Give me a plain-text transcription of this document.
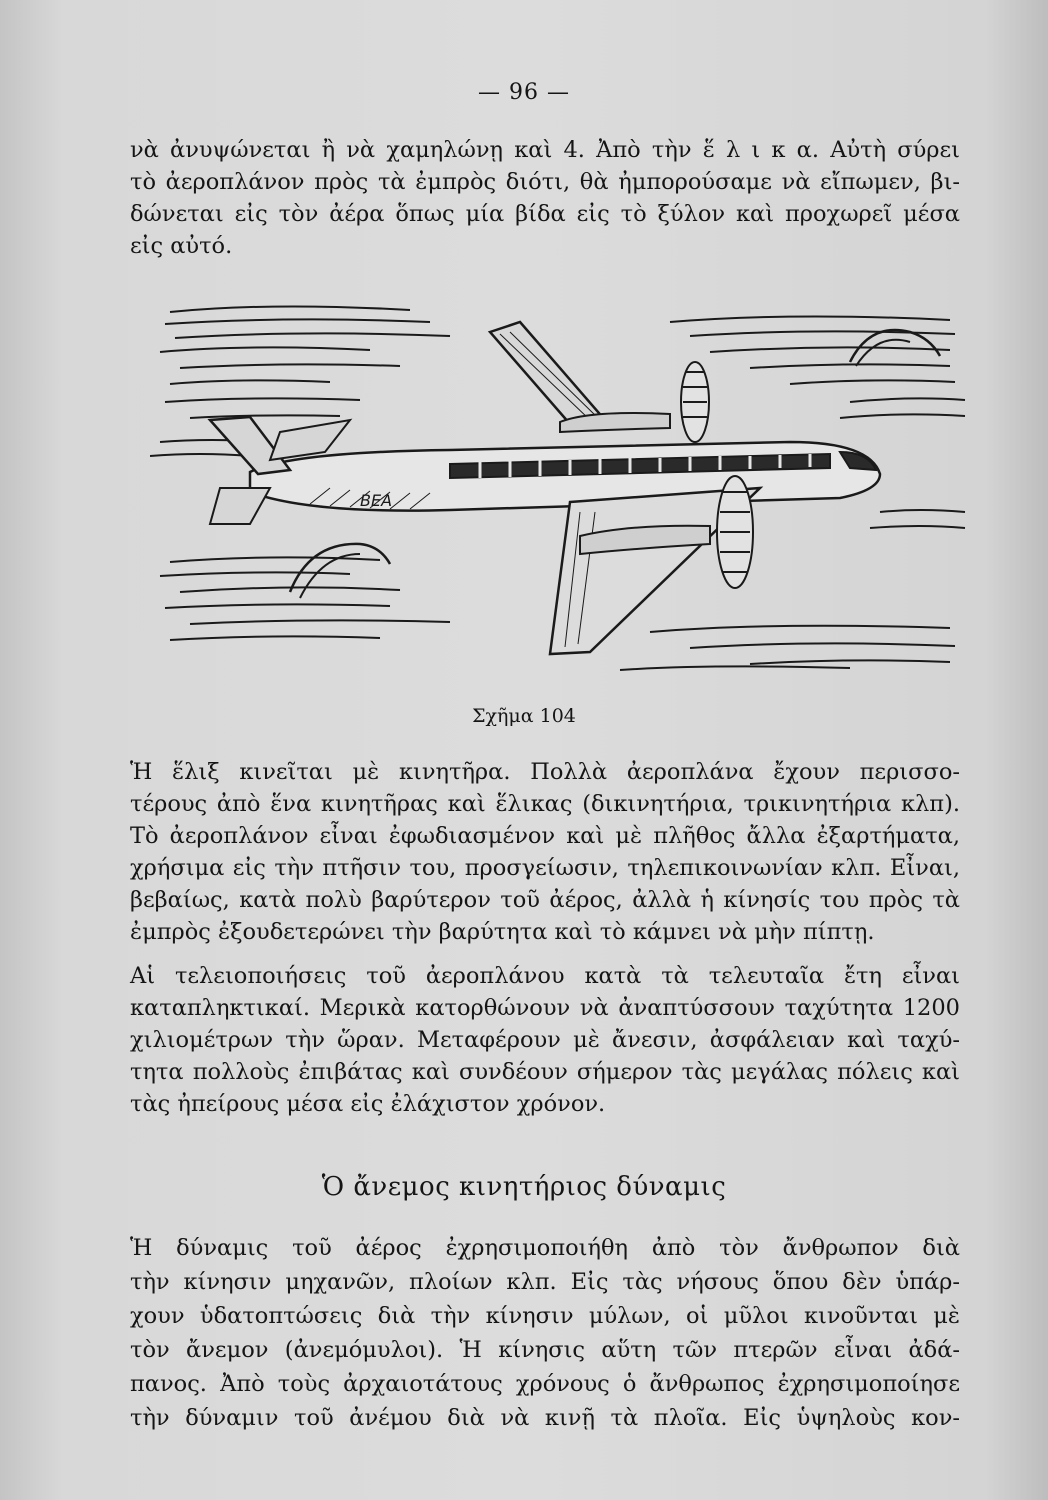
— 96 —
νὰ ἀνυψώνεται ἢ νὰ χαμηλώνῃ καὶ 4. Ἀπὸ τὴν ἕ λ ι κ α. Αὐτὴ σύρει
τὸ ἀεροπλάνον πρὸς τὰ ἐμπρὸς διότι, θὰ ἠμπορούσαμε νὰ εἴπωμεν, βι-
δώνεται εἰς τὸν ἀέρα ὅπως μία βίδα εἰς τὸ ξύλον καὶ προχωρεῖ μέσα
εἰς αὐτό.
BEA
Σχῆμα 104
Ἡ ἕλιξ κινεῖται μὲ κινητῆρα. Πολλὰ ἀεροπλάνα ἔχουν περισσο-
τέρους ἀπὸ ἕνα κινητῆρας καὶ ἕλικας (δικινητήρια, τρικινητήρια κλπ).
Τὸ ἀεροπλάνον εἶναι ἐφωδιασμένον καὶ μὲ πλῆθος ἄλλα ἐξαρτήματα,
χρήσιμα εἰς τὴν πτῆσιν του, προσγείωσιν, τηλεπικοινωνίαν κλπ. Εἶναι,
βεβαίως, κατὰ πολὺ βαρύτερον τοῦ ἀέρος, ἀλλὰ ἡ κίνησίς του πρὸς τὰ
ἐμπρὸς ἐξουδετερώνει τὴν βαρύτητα καὶ τὸ κάμνει νὰ μὴν πίπτῃ.
Αἱ τελειοποιήσεις τοῦ ἀεροπλάνου κατὰ τὰ τελευταῖα ἔτη εἶναι
καταπληκτικαί. Μερικὰ κατορθώνουν νὰ ἀναπτύσσουν ταχύτητα 1200
χιλιομέτρων τὴν ὥραν. Μεταφέρουν μὲ ἄνεσιν, ἀσφάλειαν καὶ ταχύ-
τητα πολλοὺς ἐπιβάτας καὶ συνδέουν σήμερον τὰς μεγάλας πόλεις καὶ
τὰς ἠπείρους μέσα εἰς ἐλάχιστον χρόνον.
Ὁ ἄνεμος κινητήριος δύναμις
Ἡ δύναμις τοῦ ἀέρος ἐχρησιμοποιήθη ἀπὸ τὸν ἄνθρωπον διὰ
τὴν κίνησιν μηχανῶν, πλοίων κλπ. Εἰς τὰς νήσους ὅπου δὲν ὑπάρ-
χουν ὑδατοπτώσεις διὰ τὴν κίνησιν μύλων, οἱ μῦλοι κινοῦνται μὲ
τὸν ἄνεμον (ἀνεμόμυλοι). Ἡ κίνησις αὕτη τῶν πτερῶν εἶναι ἀδά-
πανος. Ἀπὸ τοὺς ἀρχαιοτάτους χρόνους ὁ ἄνθρωπος ἐχρησιμοποίησε
τὴν δύναμιν τοῦ ἀνέμου διὰ νὰ κινῇ τὰ πλοῖα. Εἰς ὑψηλοὺς κον-
